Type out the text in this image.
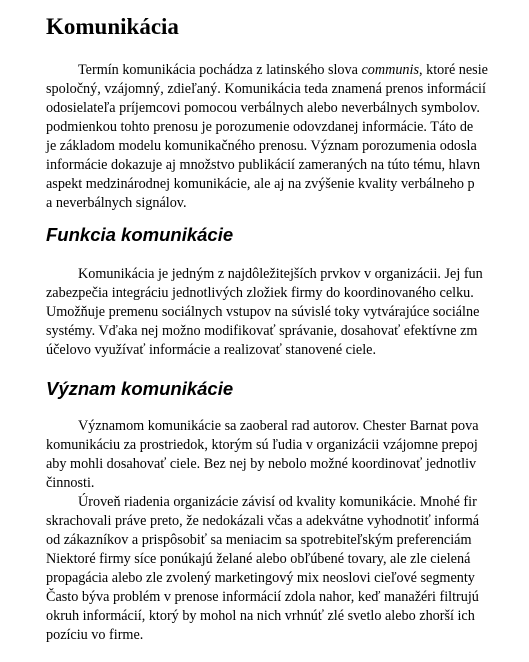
Komunikácia

Termín komunikácia pochádza z latinského slova communis, ktoré nesie

spoločný, vzájomný, zdieľaný. Komunikácia teda znamená prenos informácií

odosielateľa príjemcovi pomocou verbálnych alebo neverbálnych symbolov.

podmienkou tohto prenosu je porozumenie odovzdanej informácie. Táto de

je základom modelu komunikačného prenosu. Význam porozumenia odosla

informácie dokazuje aj množstvo publikácií zameraných na túto tému, hlavn

aspekt medzinárodnej komunikácie, ale aj na zvýšenie kvality verbálneho p

a neverbálnych signálov.

Funkcia komunikácie

Komunikácia je jedným z najdôležitejších prvkov v organizácii. Jej fun

zabezpečia integráciu jednotlivých zložiek firmy do koordinovaného celku.

Umožňuje premenu sociálnych vstupov na súvislé toky vytvárajúce sociálne

systémy. Vďaka nej možno modifikovať správanie, dosahovať efektívne zm

účelovo využívať informácie a realizovať stanovené ciele.

Význam komunikácie

Významom komunikácie sa zaoberal rad autorov. Chester Barnat pova

komunikáciu za prostriedok, ktorým sú ľudia v organizácii vzájomne prepoj

aby mohli dosahovať ciele. Bez nej by nebolo možné koordinovať jednotliv

činnosti.

Úroveň riadenia organizácie závisí od kvality komunikácie. Mnohé fir

skrachovali práve preto, že nedokázali včas a adekvátne vyhodnotiť informá

od zákazníkov a prispôsobiť sa meniacim sa spotrebiteľským preferenciám

Niektoré firmy síce ponúkajú želané alebo obľúbené tovary, ale zle cielená

propagácia alebo zle zvolený marketingový mix neoslovi cieľové segmenty

Často býva problém v prenose informácií zdola nahor, keď manažéri filtrujú

okruh informácií, ktorý by mohol na nich vrhnúť zlé svetlo alebo zhorší ich

pozíciu vo firme.
